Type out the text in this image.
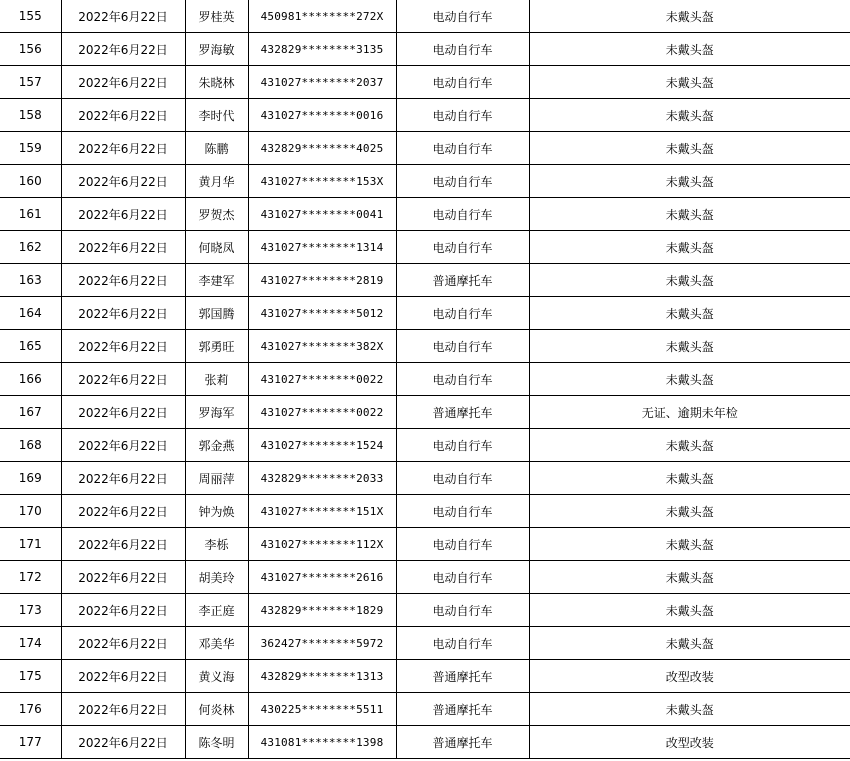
155	2022年6月22日	罗桂英	450981********272X	电动自行车	未戴头盔
156	2022年6月22日	罗海敏	432829********3135	电动自行车	未戴头盔
157	2022年6月22日	朱晓林	431027********2037	电动自行车	未戴头盔
158	2022年6月22日	李时代	431027********0016	电动自行车	未戴头盔
159	2022年6月22日	陈鹏	432829********4025	电动自行车	未戴头盔
160	2022年6月22日	黄月华	431027********153X	电动自行车	未戴头盔
161	2022年6月22日	罗贺杰	431027********0041	电动自行车	未戴头盔
162	2022年6月22日	何晓凤	431027********1314	电动自行车	未戴头盔
163	2022年6月22日	李建军	431027********2819	普通摩托车	未戴头盔
164	2022年6月22日	郭国腾	431027********5012	电动自行车	未戴头盔
165	2022年6月22日	郭勇旺	431027********382X	电动自行车	未戴头盔
166	2022年6月22日	张莉	431027********0022	电动自行车	未戴头盔
167	2022年6月22日	罗海军	431027********0022	普通摩托车	无证、逾期未年检
168	2022年6月22日	郭金燕	431027********1524	电动自行车	未戴头盔
169	2022年6月22日	周丽萍	432829********2033	电动自行车	未戴头盔
170	2022年6月22日	钟为焕	431027********151X	电动自行车	未戴头盔
171	2022年6月22日	李栎	431027********112X	电动自行车	未戴头盔
172	2022年6月22日	胡美玲	431027********2616	电动自行车	未戴头盔
173	2022年6月22日	李正庭	432829********1829	电动自行车	未戴头盔
174	2022年6月22日	邓美华	362427********5972	电动自行车	未戴头盔
175	2022年6月22日	黄义海	432829********1313	普通摩托车	改型改装
176	2022年6月22日	何炎林	430225********5511	普通摩托车	未戴头盔
177	2022年6月22日	陈冬明	431081********1398	普通摩托车	改型改装
